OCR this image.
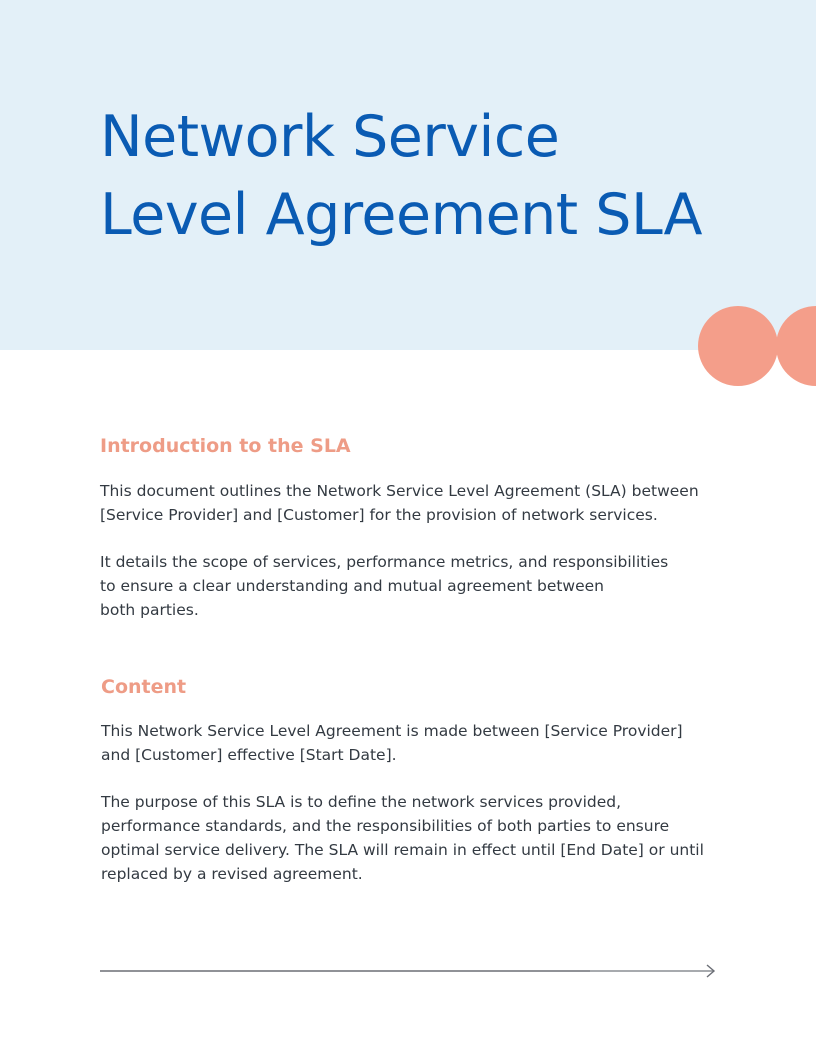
Network Service
Level Agreement SLA
Introduction to the SLA

This document outlines the Network Service Level Agreement (SLA) between
[Service Provider] and [Customer] for the provision of network services.

It details the scope of services, performance metrics, and responsibilities
to ensure a clear understanding and mutual agreement between
both parties.

Content

This Network Service Level Agreement is made between [Service Provider]
and [Customer] effective [Start Date].

The purpose of this SLA is to define the network services provided,
performance standards, and the responsibilities of both parties to ensure
optimal service delivery. The SLA will remain in effect until [End Date] or until
replaced by a revised agreement.
